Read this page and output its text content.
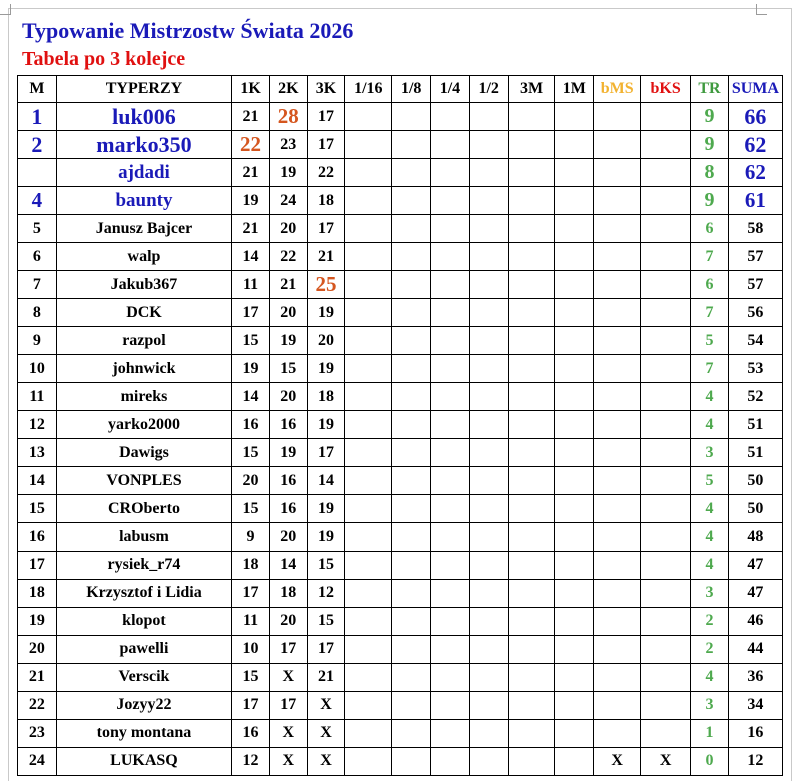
Typowanie Mistrzostw Świata 2026
Tabela po 3 kolejce
M	TYPERZY	1K	2K	3K	1/16	1/8	1/4	1/2	3M	1M	bMS	bKS	TR	SUMA
1	luk006	21	28	17									9	66
2	marko350	22	23	17									9	62
	ajdadi	21	19	22									8	62
4	baunty	19	24	18									9	61
5	Janusz Bajcer	21	20	17									6	58
6	walp	14	22	21									7	57
7	Jakub367	11	21	25									6	57
8	DCK	17	20	19									7	56
9	razpol	15	19	20									5	54
10	johnwick	19	15	19									7	53
11	mireks	14	20	18									4	52
12	yarko2000	16	16	19									4	51
13	Dawigs	15	19	17									3	51
14	VONPLES	20	16	14									5	50
15	CROberto	15	16	19									4	50
16	labusm	9	20	19									4	48
17	rysiek_r74	18	14	15									4	47
18	Krzysztof i Lidia	17	18	12									3	47
19	klopot	11	20	15									2	46
20	pawelli	10	17	17									2	44
21	Verscik	15	X	21									4	36
22	Jozyy22	17	17	X									3	34
23	tony montana	16	X	X									1	16
24	LUKASQ	12	X	X							X	X	0	12
